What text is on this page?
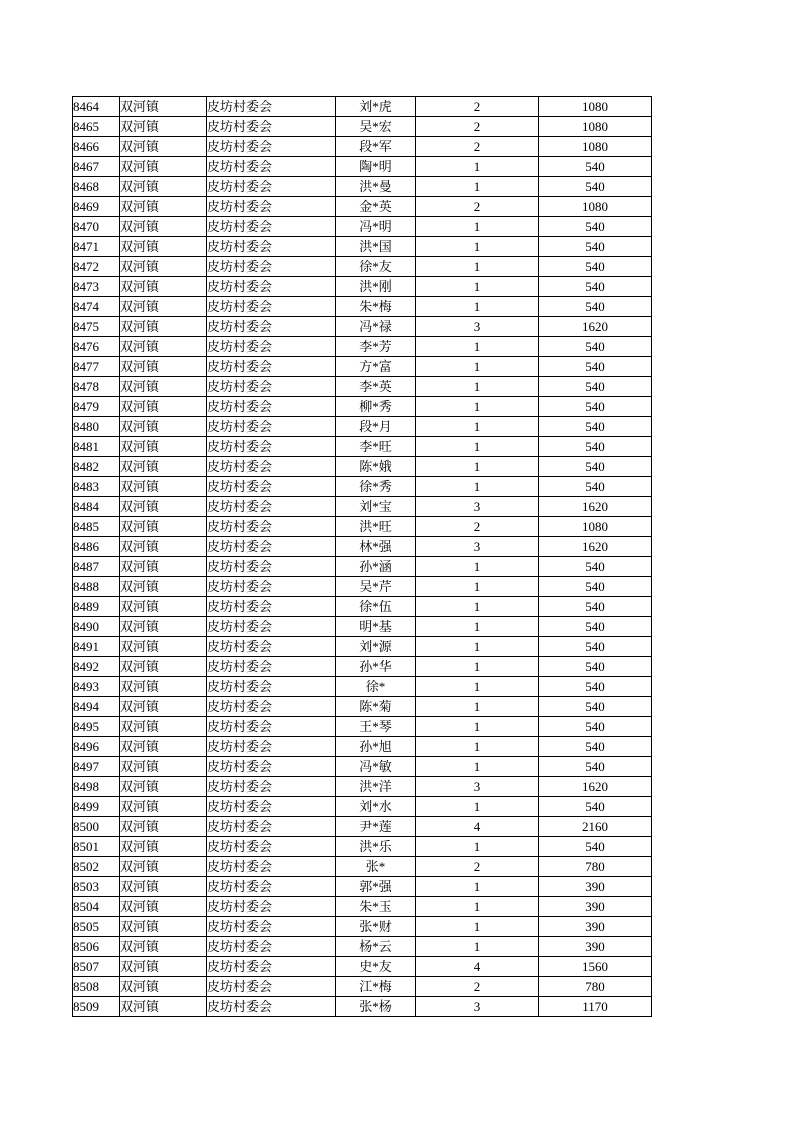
8464	双河镇	皮坊村委会	刘*虎	2	1080
8465	双河镇	皮坊村委会	吴*宏	2	1080
8466	双河镇	皮坊村委会	段*军	2	1080
8467	双河镇	皮坊村委会	陶*明	1	540
8468	双河镇	皮坊村委会	洪*曼	1	540
8469	双河镇	皮坊村委会	金*英	2	1080
8470	双河镇	皮坊村委会	冯*明	1	540
8471	双河镇	皮坊村委会	洪*国	1	540
8472	双河镇	皮坊村委会	徐*友	1	540
8473	双河镇	皮坊村委会	洪*刚	1	540
8474	双河镇	皮坊村委会	朱*梅	1	540
8475	双河镇	皮坊村委会	冯*禄	3	1620
8476	双河镇	皮坊村委会	李*芳	1	540
8477	双河镇	皮坊村委会	方*富	1	540
8478	双河镇	皮坊村委会	李*英	1	540
8479	双河镇	皮坊村委会	柳*秀	1	540
8480	双河镇	皮坊村委会	段*月	1	540
8481	双河镇	皮坊村委会	李*旺	1	540
8482	双河镇	皮坊村委会	陈*娥	1	540
8483	双河镇	皮坊村委会	徐*秀	1	540
8484	双河镇	皮坊村委会	刘*宝	3	1620
8485	双河镇	皮坊村委会	洪*旺	2	1080
8486	双河镇	皮坊村委会	林*强	3	1620
8487	双河镇	皮坊村委会	孙*涵	1	540
8488	双河镇	皮坊村委会	吴*芹	1	540
8489	双河镇	皮坊村委会	徐*伍	1	540
8490	双河镇	皮坊村委会	明*基	1	540
8491	双河镇	皮坊村委会	刘*源	1	540
8492	双河镇	皮坊村委会	孙*华	1	540
8493	双河镇	皮坊村委会	徐*	1	540
8494	双河镇	皮坊村委会	陈*菊	1	540
8495	双河镇	皮坊村委会	王*琴	1	540
8496	双河镇	皮坊村委会	孙*旭	1	540
8497	双河镇	皮坊村委会	冯*敏	1	540
8498	双河镇	皮坊村委会	洪*洋	3	1620
8499	双河镇	皮坊村委会	刘*水	1	540
8500	双河镇	皮坊村委会	尹*莲	4	2160
8501	双河镇	皮坊村委会	洪*乐	1	540
8502	双河镇	皮坊村委会	张*	2	780
8503	双河镇	皮坊村委会	郭*强	1	390
8504	双河镇	皮坊村委会	朱*玉	1	390
8505	双河镇	皮坊村委会	张*财	1	390
8506	双河镇	皮坊村委会	杨*云	1	390
8507	双河镇	皮坊村委会	史*友	4	1560
8508	双河镇	皮坊村委会	江*梅	2	780
8509	双河镇	皮坊村委会	张*杨	3	1170
